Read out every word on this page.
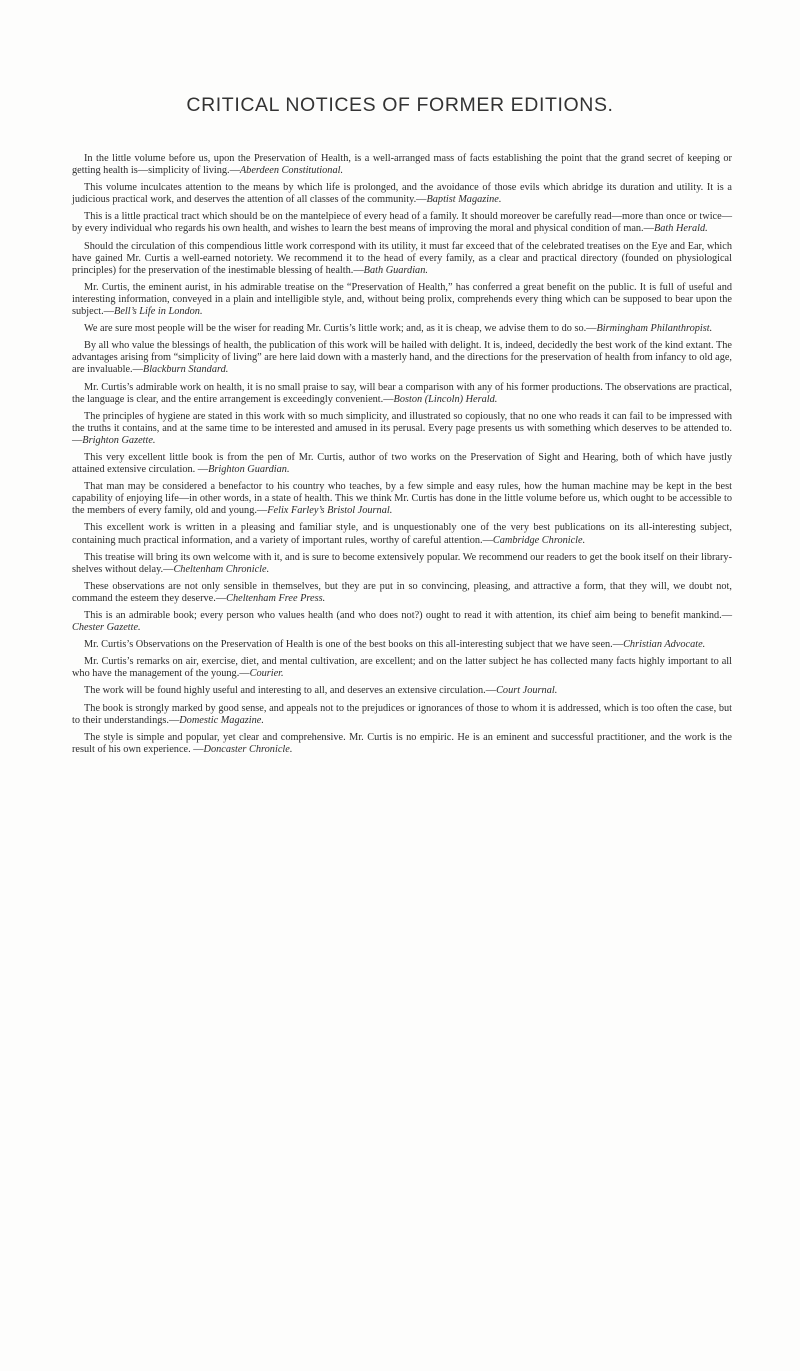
CRITICAL NOTICES OF FORMER EDITIONS.

In the little volume before us, upon the Preservation of Health, is a well-arranged mass of facts establishing the point that the grand secret of keeping or getting health is—simplicity of living.—Aberdeen Constitutional.

This volume inculcates attention to the means by which life is prolonged, and the avoidance of those evils which abridge its duration and utility. It is a judicious practical work, and deserves the attention of all classes of the community.—Baptist Magazine.

This is a little practical tract which should be on the mantelpiece of every head of a family. It should moreover be carefully read—more than once or twice—by every individual who regards his own health, and wishes to learn the best means of improving the moral and physical condition of man.—Bath Herald.

Should the circulation of this compendious little work correspond with its utility, it must far exceed that of the celebrated treatises on the Eye and Ear, which have gained Mr. Curtis a well-earned notoriety. We recommend it to the head of every family, as a clear and practical directory (founded on physiological principles) for the preservation of the inestimable blessing of health.—Bath Guardian.

Mr. Curtis, the eminent aurist, in his admirable treatise on the “Preservation of Health,” has conferred a great benefit on the public. It is full of useful and interesting information, conveyed in a plain and intelligible style, and, without being prolix, comprehends every thing which can be supposed to bear upon the subject.—Bell’s Life in London.

We are sure most people will be the wiser for reading Mr. Curtis’s little work; and, as it is cheap, we advise them to do so.—Birmingham Philanthropist.

By all who value the blessings of health, the publication of this work will be hailed with delight. It is, indeed, decidedly the best work of the kind extant. The advantages arising from “simplicity of living” are here laid down with a masterly hand, and the directions for the preservation of health from infancy to old age, are invaluable.—Blackburn Standard.

Mr. Curtis’s admirable work on health, it is no small praise to say, will bear a comparison with any of his former productions. The observations are practical, the language is clear, and the entire arrangement is exceedingly convenient.—Boston (Lincoln) Herald.

The principles of hygiene are stated in this work with so much simplicity, and illustrated so copiously, that no one who reads it can fail to be impressed with the truths it contains, and at the same time to be interested and amused in its perusal. Every page presents us with something which deserves to be attended to.—Brighton Gazette.

This very excellent little book is from the pen of Mr. Curtis, author of two works on the Preservation of Sight and Hearing, both of which have justly attained extensive circulation. —Brighton Guardian.

That man may be considered a benefactor to his country who teaches, by a few simple and easy rules, how the human machine may be kept in the best capability of enjoying life—in other words, in a state of health. This we think Mr. Curtis has done in the little volume before us, which ought to be accessible to the members of every family, old and young.—Felix Farley’s Bristol Journal.

This excellent work is written in a pleasing and familiar style, and is unquestionably one of the very best publications on its all-interesting subject, containing much practical information, and a variety of important rules, worthy of careful attention.—Cambridge Chronicle.

This treatise will bring its own welcome with it, and is sure to become extensively popular. We recommend our readers to get the book itself on their library-shelves without delay.—Cheltenham Chronicle.

These observations are not only sensible in themselves, but they are put in so convincing, pleasing, and attractive a form, that they will, we doubt not, command the esteem they deserve.—Cheltenham Free Press.

This is an admirable book; every person who values health (and who does not?) ought to read it with attention, its chief aim being to benefit mankind.—Chester Gazette.

Mr. Curtis’s Observations on the Preservation of Health is one of the best books on this all-interesting subject that we have seen.—Christian Advocate.

Mr. Curtis’s remarks on air, exercise, diet, and mental cultivation, are excellent; and on the latter subject he has collected many facts highly important to all who have the management of the young.—Courier.

The work will be found highly useful and interesting to all, and deserves an extensive circulation.—Court Journal.

The book is strongly marked by good sense, and appeals not to the prejudices or ignorances of those to whom it is addressed, which is too often the case, but to their understandings.—Domestic Magazine.

The style is simple and popular, yet clear and comprehensive. Mr. Curtis is no empiric. He is an eminent and successful practitioner, and the work is the result of his own experience. —Doncaster Chronicle.
